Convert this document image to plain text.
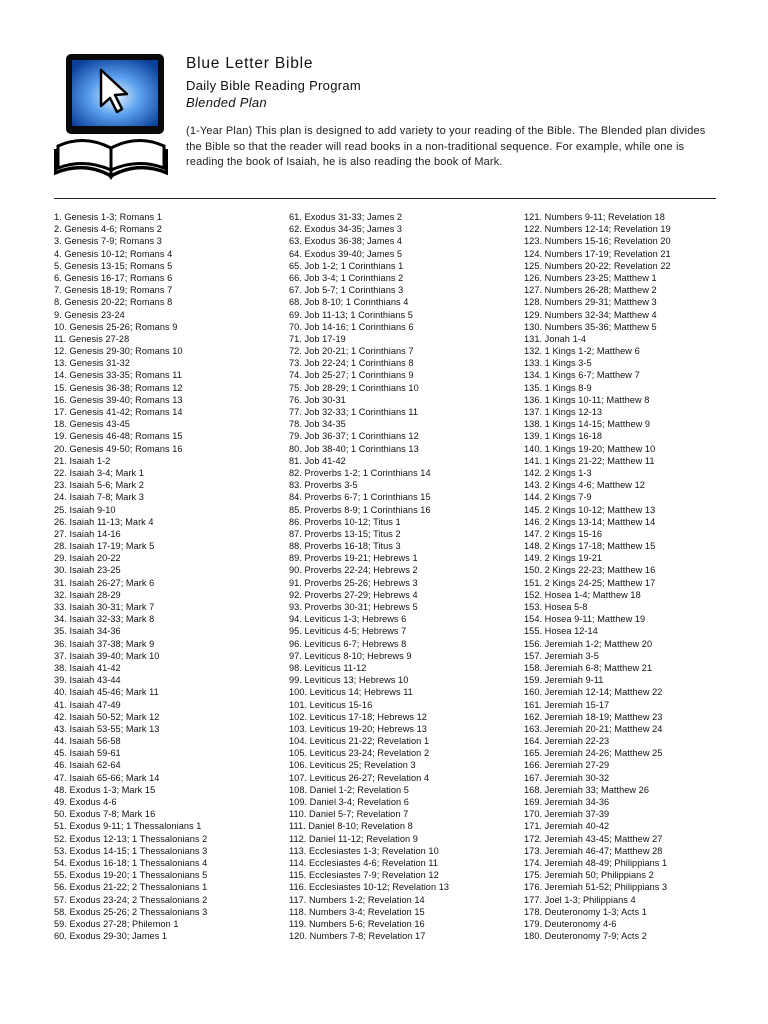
Blue Letter Bible
Daily Bible Reading Program
Blended Plan

(1-Year Plan) This plan is designed to add variety to your reading of the Bible. The Blended plan divides the Bible so that the reader will read books in a non-traditional sequence. For example, while one is reading the book of Isaiah, he is also reading the book of Mark.

1. Genesis 1-3; Romans 1
2. Genesis 4-6; Romans 2
3. Genesis 7-9; Romans 3
4. Genesis 10-12; Romans 4
5. Genesis 13-15; Romans 5
6. Genesis 16-17; Romans 6
7. Genesis 18-19; Romans 7
8. Genesis 20-22; Romans 8
9. Genesis 23-24
10. Genesis 25-26; Romans 9
11. Genesis 27-28
12. Genesis 29-30; Romans 10
13. Genesis 31-32
14. Genesis 33-35; Romans 11
15. Genesis 36-38; Romans 12
16. Genesis 39-40; Romans 13
17. Genesis 41-42; Romans 14
18. Genesis 43-45
19. Genesis 46-48; Romans 15
20. Genesis 49-50; Romans 16
21. Isaiah 1-2
22. Isaiah 3-4; Mark 1
23. Isaiah 5-6; Mark 2
24. Isaiah 7-8; Mark 3
25. Isaiah 9-10
26. Isaiah 11-13; Mark 4
27. Isaiah 14-16
28. Isaiah 17-19; Mark 5
29. Isaiah 20-22
30. Isaiah 23-25
31. Isaiah 26-27; Mark 6
32. Isaiah 28-29
33. Isaiah 30-31; Mark 7
34. Isaiah 32-33; Mark 8
35. Isaiah 34-36
36. Isaiah 37-38; Mark 9
37. Isaiah 39-40; Mark 10
38. Isaiah 41-42
39. Isaiah 43-44
40. Isaiah 45-46; Mark 11
41. Isaiah 47-49
42. Isaiah 50-52; Mark 12
43. Isaiah 53-55; Mark 13
44. Isaiah 56-58
45. Isaiah 59-61
46. Isaiah 62-64
47. Isaiah 65-66; Mark 14
48. Exodus 1-3; Mark 15
49. Exodus 4-6
50. Exodus 7-8; Mark 16
51. Exodus 9-11; 1 Thessalonians 1
52. Exodus 12-13; 1 Thessalonians 2
53. Exodus 14-15; 1 Thessalonians 3
54. Exodus 16-18; 1 Thessalonians 4
55. Exodus 19-20; 1 Thessalonians 5
56. Exodus 21-22; 2 Thessalonians 1
57. Exodus 23-24; 2 Thessalonians 2
58. Exodus 25-26; 2 Thessalonians 3
59. Exodus 27-28; Philemon 1
60. Exodus 29-30; James 1
61. Exodus 31-33; James 2
62. Exodus 34-35; James 3
63. Exodus 36-38; James 4
64. Exodus 39-40; James 5
65. Job 1-2; 1 Corinthians 1
66. Job 3-4; 1 Corinthians 2
67. Job 5-7; 1 Corinthians 3
68. Job 8-10; 1 Corinthians 4
69. Job 11-13; 1 Corinthians 5
70. Job 14-16; 1 Corinthians 6
71. Job 17-19
72. Job 20-21; 1 Corinthians 7
73. Job 22-24; 1 Corinthians 8
74. Job 25-27; 1 Corinthians 9
75. Job 28-29; 1 Corinthians 10
76. Job 30-31
77. Job 32-33; 1 Corinthians 11
78. Job 34-35
79. Job 36-37; 1 Corinthians 12
80. Job 38-40; 1 Corinthians 13
81. Job 41-42
82. Proverbs 1-2; 1 Corinthians 14
83. Proverbs 3-5
84. Proverbs 6-7; 1 Corinthians 15
85. Proverbs 8-9; 1 Corinthians 16
86. Proverbs 10-12; Titus 1
87. Proverbs 13-15; Titus 2
88. Proverbs 16-18; Titus 3
89. Proverbs 19-21; Hebrews 1
90. Proverbs 22-24; Hebrews 2
91. Proverbs 25-26; Hebrews 3
92. Proverbs 27-29; Hebrews 4
93. Proverbs 30-31; Hebrews 5
94. Leviticus 1-3; Hebrews 6
95. Leviticus 4-5; Hebrews 7
96. Leviticus 6-7; Hebrews 8
97. Leviticus 8-10; Hebrews 9
98. Leviticus 11-12
99. Leviticus 13; Hebrews 10
100. Leviticus 14; Hebrews 11
101. Leviticus 15-16
102. Leviticus 17-18; Hebrews 12
103. Leviticus 19-20; Hebrews 13
104. Leviticus 21-22; Revelation 1
105. Leviticus 23-24; Revelation 2
106. Leviticus 25; Revelation 3
107. Leviticus 26-27; Revelation 4
108. Daniel 1-2; Revelation 5
109. Daniel 3-4; Revelation 6
110. Daniel 5-7; Revelation 7
111. Daniel 8-10; Revelation 8
112. Daniel 11-12; Revelation 9
113. Ecclesiastes 1-3; Revelation 10
114. Ecclesiastes 4-6; Revelation 11
115. Ecclesiastes 7-9; Revelation 12
116. Ecclesiastes 10-12; Revelation 13
117. Numbers 1-2; Revelation 14
118. Numbers 3-4; Revelation 15
119. Numbers 5-6; Revelation 16
120. Numbers 7-8; Revelation 17
121. Numbers 9-11; Revelation 18
122. Numbers 12-14; Revelation 19
123. Numbers 15-16; Revelation 20
124. Numbers 17-19; Revelation 21
125. Numbers 20-22; Revelation 22
126. Numbers 23-25; Matthew 1
127. Numbers 26-28; Matthew 2
128. Numbers 29-31; Matthew 3
129. Numbers 32-34; Matthew 4
130. Numbers 35-36; Matthew 5
131. Jonah 1-4
132. 1 Kings 1-2; Matthew 6
133. 1 Kings 3-5
134. 1 Kings 6-7; Matthew 7
135. 1 Kings 8-9
136. 1 Kings 10-11; Matthew 8
137. 1 Kings 12-13
138. 1 Kings 14-15; Matthew 9
139. 1 Kings 16-18
140. 1 Kings 19-20; Matthew 10
141. 1 Kings 21-22; Matthew 11
142. 2 Kings 1-3
143. 2 Kings 4-6; Matthew 12
144. 2 Kings 7-9
145. 2 Kings 10-12; Matthew 13
146. 2 Kings 13-14; Matthew 14
147. 2 Kings 15-16
148. 2 Kings 17-18; Matthew 15
149. 2 Kings 19-21
150. 2 Kings 22-23; Matthew 16
151. 2 Kings 24-25; Matthew 17
152. Hosea 1-4; Matthew 18
153. Hosea 5-8
154. Hosea 9-11; Matthew 19
155. Hosea 12-14
156. Jeremiah 1-2; Matthew 20
157. Jeremiah 3-5
158. Jeremiah 6-8; Matthew 21
159. Jeremiah 9-11
160. Jeremiah 12-14; Matthew 22
161. Jeremiah 15-17
162. Jeremiah 18-19; Matthew 23
163. Jeremiah 20-21; Matthew 24
164. Jeremiah 22-23
165. Jeremiah 24-26; Matthew 25
166. Jeremiah 27-29
167. Jeremiah 30-32
168. Jeremiah 33; Matthew 26
169. Jeremiah 34-36
170. Jeremiah 37-39
171. Jeremiah 40-42
172. Jeremiah 43-45; Matthew 27
173. Jeremiah 46-47; Matthew 28
174. Jeremiah 48-49; Philippians 1
175. Jeremiah 50; Philippians 2
176. Jeremiah 51-52; Philippians 3
177. Joel 1-3; Philippians 4
178. Deuteronomy 1-3; Acts 1
179. Deuteronomy 4-6
180. Deuteronomy 7-9; Acts 2
